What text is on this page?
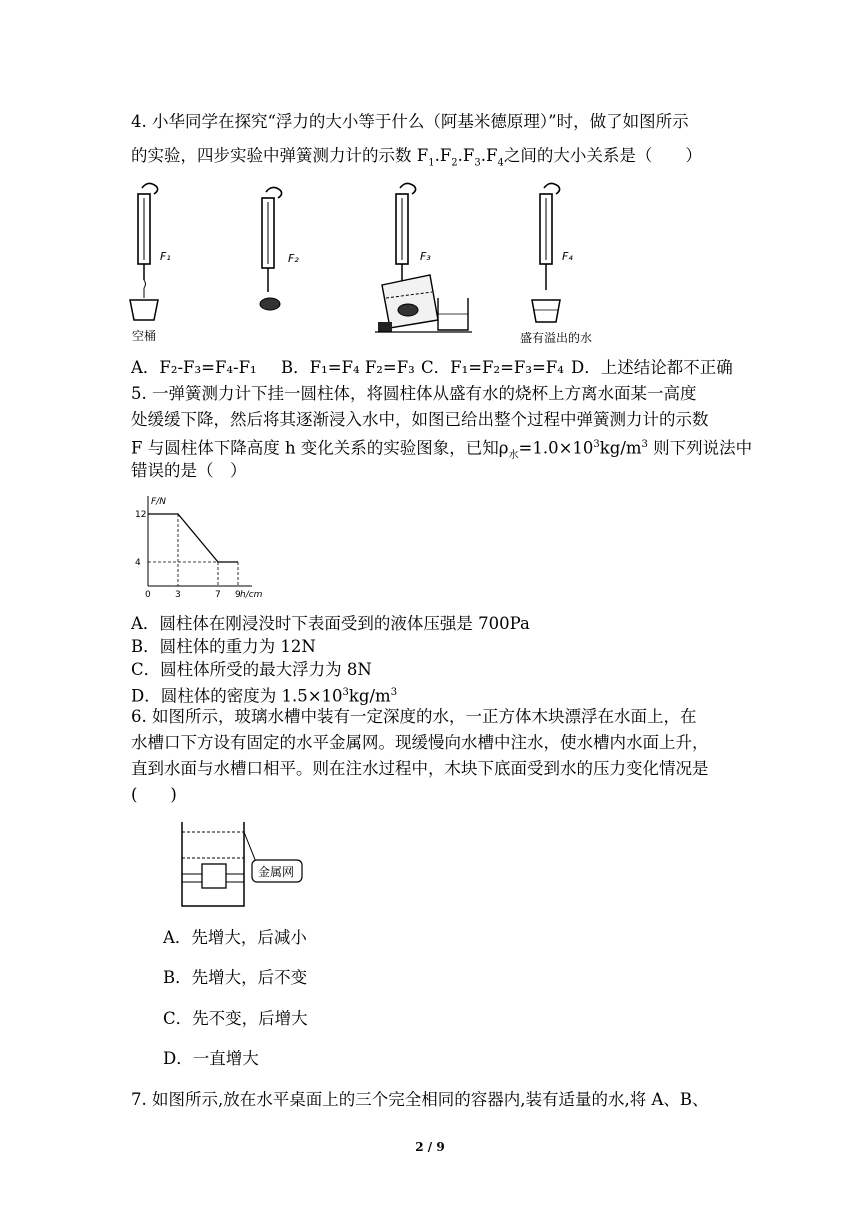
4. 小华同学在探究“浮力的大小等于什么（阿基米德原理）”时，做了如图所示
的实验，四步实验中弹簧测力计的示数 $F_1.F_2.F_3.F_4$之间的大小关系是（　　）
F₁
空桶
F₂	F₃	F₄
盛有溢出的水
A．F₂-F₃=F₄-F₁ B．F₁=F₄ F₂=F₃ C．F₁=F₂=F₃=F₄ D．上述结论都不正确
5. 一弹簧测力计下挂一圆柱体，将圆柱体从盛有水的烧杯上方离水面某一高度
处缓缓下降，然后将其逐渐浸入水中，如图已给出整个过程中弹簧测力计的示数
F 与圆柱体下降高度 h 变化关系的实验图象，已知$\rho_水=1.0\times 10^3kg/m^3$ 则下列说法中
错误的是（　）
0	3	7 9
4
12
h/cm
F/N
A．圆柱体在刚浸没时下表面受到的液体压强是 700Pa
B．圆柱体的重力为 12N
C．圆柱体所受的最大浮力为 8N
D．圆柱体的密度为 $1.5\times 10^3kg/m^3$
6. 如图所示，玻璃水槽中装有一定深度的水，一正方体木块漂浮在水面上，在
水槽口下方设有固定的水平金属网。现缓慢向水槽中注水，使水槽内水面上升，
直到水面与水槽口相平。则在注水过程中，木块下底面受到水的压力变化情况是
(　　)
金属网
A．先增大，后减小
B．先增大，后不变
C．先不变，后增大
D．一直增大
7. 如图所示,放在水平桌面上的三个完全相同的容器内,装有适量的水,将 A、B、
2 / 9
